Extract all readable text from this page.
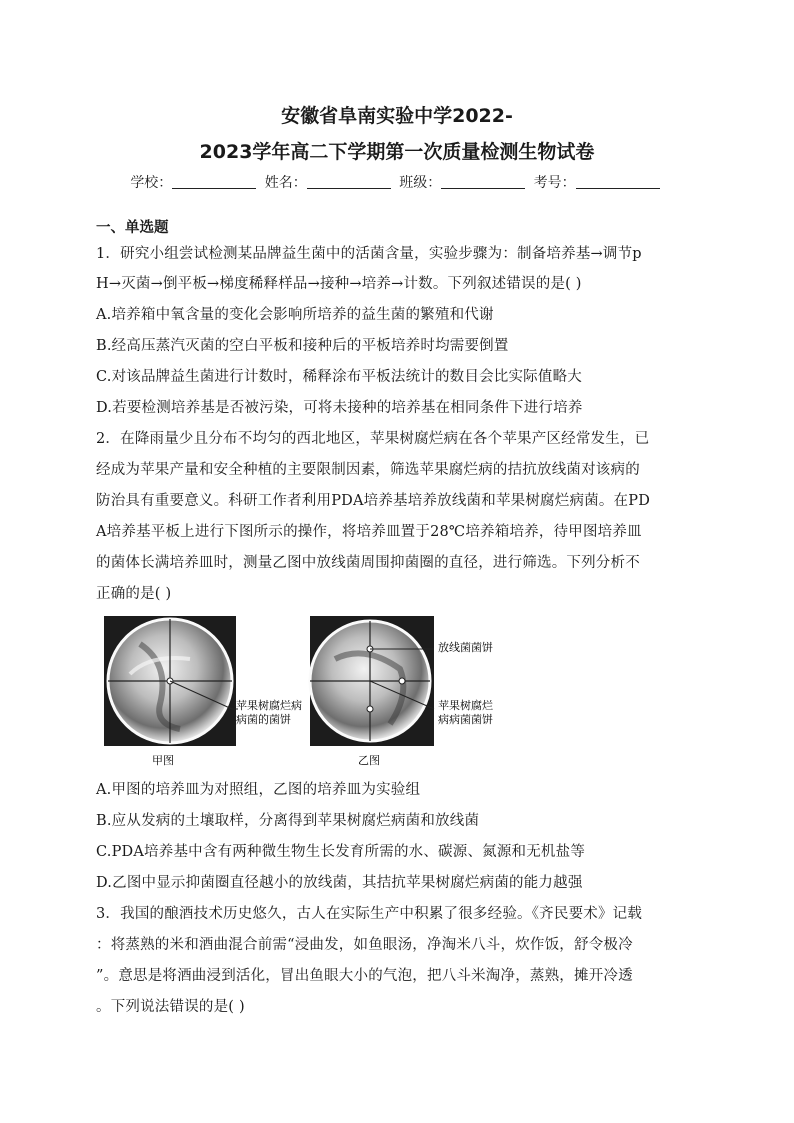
安徽省阜南实验中学2022-
2023学年高二下学期第一次质量检测生物试卷
学校：	姓名：	班级：	考号：
一、单选题
1．研究小组尝试检测某品牌益生菌中的活菌含量，实验步骤为：制备培养基→调节p
H→灭菌→倒平板→梯度稀释样品→接种→培养→计数。下列叙述错误的是( )
A.培养箱中氧含量的变化会影响所培养的益生菌的繁殖和代谢
B.经高压蒸汽灭菌的空白平板和接种后的平板培养时均需要倒置
C.对该品牌益生菌进行计数时，稀释涂布平板法统计的数目会比实际值略大
D.若要检测培养基是否被污染，可将未接种的培养基在相同条件下进行培养
2．在降雨量少且分布不均匀的西北地区，苹果树腐烂病在各个苹果产区经常发生，已
经成为苹果产量和安全种植的主要限制因素，筛选苹果腐烂病的拮抗放线菌对该病的
防治具有重要意义。科研工作者利用PDA培养基培养放线菌和苹果树腐烂病菌。在PD
A培养基平板上进行下图所示的操作，将培养皿置于28℃培养箱培养，待甲图培养皿
的菌体长满培养皿时，测量乙图中放线菌周围抑菌圈的直径，进行筛选。下列分析不
正确的是( )
苹果树腐烂病
病菌的菌饼
甲图
放线菌菌饼
苹果树腐烂
病病菌菌饼
乙图
A.甲图的培养皿为对照组，乙图的培养皿为实验组
B.应从发病的土壤取样，分离得到苹果树腐烂病菌和放线菌
C.PDA培养基中含有两种微生物生长发育所需的水、碳源、氮源和无机盐等
D.乙图中显示抑菌圈直径越小的放线菌，其拮抗苹果树腐烂病菌的能力越强
3．我国的酿酒技术历史悠久，古人在实际生产中积累了很多经验。《齐民要术》记载
：将蒸熟的米和酒曲混合前需“浸曲发，如鱼眼汤，净淘米八斗，炊作饭，舒令极冷
”。意思是将酒曲浸到活化，冒出鱼眼大小的气泡，把八斗米淘净，蒸熟，摊开冷透
。下列说法错误的是( )
